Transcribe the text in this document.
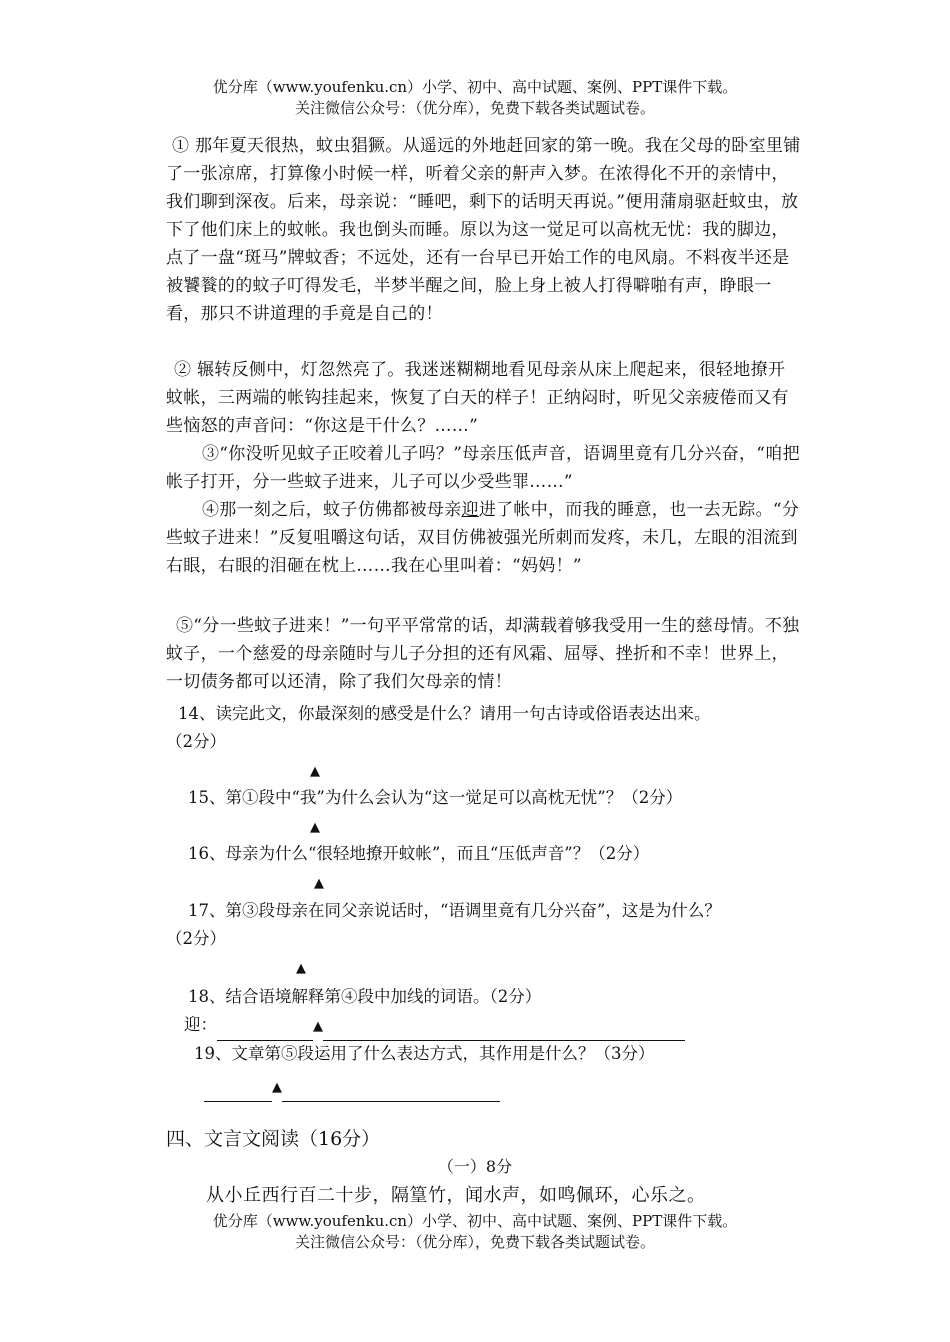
优分库（www.youfenku.cn）小学、初中、高中试题、案例、PPT课件下载。
关注微信公众号：（优分库），免费下载各类试题试卷。
① 那年夏天很热，蚊虫猖獗。从遥远的外地赶回家的第一晚。我在父母的卧室里铺了一张凉席，打算像小时候一样，听着父亲的鼾声入梦。在浓得化不开的亲情中，我们聊到深夜。后来，母亲说：“睡吧，剩下的话明天再说。”便用蒲扇驱赶蚊虫，放下了他们床上的蚊帐。我也倒头而睡。原以为这一觉足可以高枕无忧：我的脚边，点了一盘“斑马”牌蚊香；不远处，还有一台早已开始工作的电风扇。不料夜半还是被饕餮的的蚊子叮得发毛，半梦半醒之间，脸上身上被人打得噼啪有声，睁眼一看，那只不讲道理的手竟是自己的！
② 辗转反侧中，灯忽然亮了。我迷迷糊糊地看见母亲从床上爬起来，很轻地撩开蚊帐，三两端的帐钩挂起来，恢复了白天的样子！正纳闷时，听见父亲疲倦而又有些恼怒的声音问：“你这是干什么？……”
③“你没听见蚊子正咬着儿子吗？”母亲压低声音，语调里竟有几分兴奋，“咱把帐子打开，分一些蚊子进来，儿子可以少受些罪……”
④那一刻之后，蚊子仿佛都被母亲迎进了帐中，而我的睡意，也一去无踪。“分些蚊子进来！”反复咀嚼这句话，双目仿佛被强光所刺而发疼，未几，左眼的泪流到右眼，右眼的泪砸在枕上……我在心里叫着：“妈妈！”
⑤“分一些蚊子进来！”一句平平常常的话，却满载着够我受用一生的慈母情。不独蚊子，一个慈爱的母亲随时与儿子分担的还有风霜、屈辱、挫折和不幸！世界上，一切债务都可以还清，除了我们欠母亲的情！
14、读完此文，你最深刻的感受是什么？请用一句古诗或俗语表达出来。
（2分）
▲
15、第①段中“我”为什么会认为“这一觉足可以高枕无忧”？（2分）
▲
16、母亲为什么“很轻地撩开蚊帐”，而且“压低声音”？（2分）
▲
17、第③段母亲在同父亲说话时，“语调里竟有几分兴奋”，这是为什么？
（2分）
▲
18、结合语境解释第④段中加线的词语。（2分）
迎：	▲
19、文章第⑤段运用了什么表达方式，其作用是什么？（3分）
▲
四、文言文阅读（16分）
（一）8分
从小丘西行百二十步，隔篁竹，闻水声，如鸣佩环，心乐之。
优分库（www.youfenku.cn）小学、初中、高中试题、案例、PPT课件下载。
关注微信公众号：（优分库），免费下载各类试题试卷。
